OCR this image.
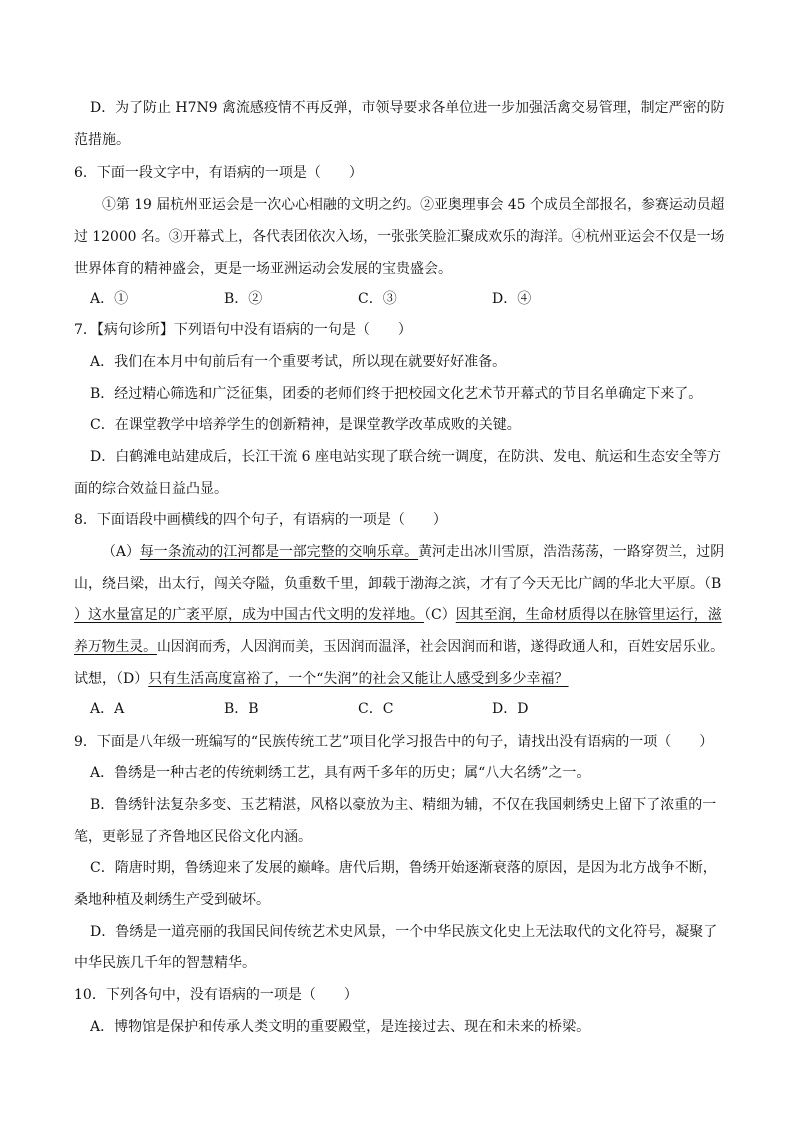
D．为了防止 H7N9 禽流感疫情不再反弹，市领导要求各单位进一步加强活禽交易管理，制定严密的防
范措施。
6．下面一段文字中，有语病的一项是（　　）
①第 19 届杭州亚运会是一次心心相融的文明之约。②亚奥理事会 45 个成员全部报名，参赛运动员超
过 12000 名。③开幕式上，各代表团依次入场，一张张笑脸汇聚成欢乐的海洋。④杭州亚运会不仅是一场
世界体育的精神盛会，更是一场亚洲运动会发展的宝贵盛会。
A．①	B．②	C．③	D．④
7．【病句诊所】下列语句中没有语病的一句是（　　）
A．我们在本月中旬前后有一个重要考试，所以现在就要好好准备。
B．经过精心筛选和广泛征集，团委的老师们终于把校园文化艺术节开幕式的节目名单确定下来了。
C．在课堂教学中培养学生的创新精神，是课堂教学改革成败的关键。
D．白鹤滩电站建成后，长江干流 6 座电站实现了联合统一调度，在防洪、发电、航运和生态安全等方
面的综合效益日益凸显。
8．下面语段中画横线的四个句子，有语病的一项是（　　）
（A）每一条流动的江河都是一部完整的交响乐章。黄河走出冰川雪原，浩浩荡荡，一路穿贺兰，过阴
山，绕吕梁，出太行，闯关夺隘，负重数千里，卸载于渤海之滨，才有了今天无比广阔的华北大平原。（B
）这水量富足的广袤平原，成为中国古代文明的发祥地。（C）因其至润，生命材质得以在脉管里运行，滋
养万物生灵。山因润而秀，人因润而美，玉因润而温泽，社会因润而和谐，遂得政通人和，百姓安居乐业。
试想，（D）只有生活高度富裕了，一个“失润”的社会又能让人感受到多少幸福？
A．A	B．B	C．C	D．D
9．下面是八年级一班编写的“民族传统工艺”项目化学习报告中的句子，请找出没有语病的一项（　　）
A．鲁绣是一种古老的传统刺绣工艺，具有两千多年的历史；属“八大名绣”之一。
B．鲁绣针法复杂多变、玉艺精湛，风格以豪放为主、精细为辅，不仅在我国刺绣史上留下了浓重的一
笔，更彰显了齐鲁地区民俗文化内涵。
C．隋唐时期，鲁绣迎来了发展的巅峰。唐代后期，鲁绣开始逐渐衰落的原因，是因为北方战争不断，
桑地种植及刺绣生产受到破坏。
D．鲁绣是一道亮丽的我国民间传统艺术史风景，一个中华民族文化史上无法取代的文化符号，凝聚了
中华民族几千年的智慧精华。
10．下列各句中，没有语病的一项是（　　）
A．博物馆是保护和传承人类文明的重要殿堂，是连接过去、现在和未来的桥梁。
